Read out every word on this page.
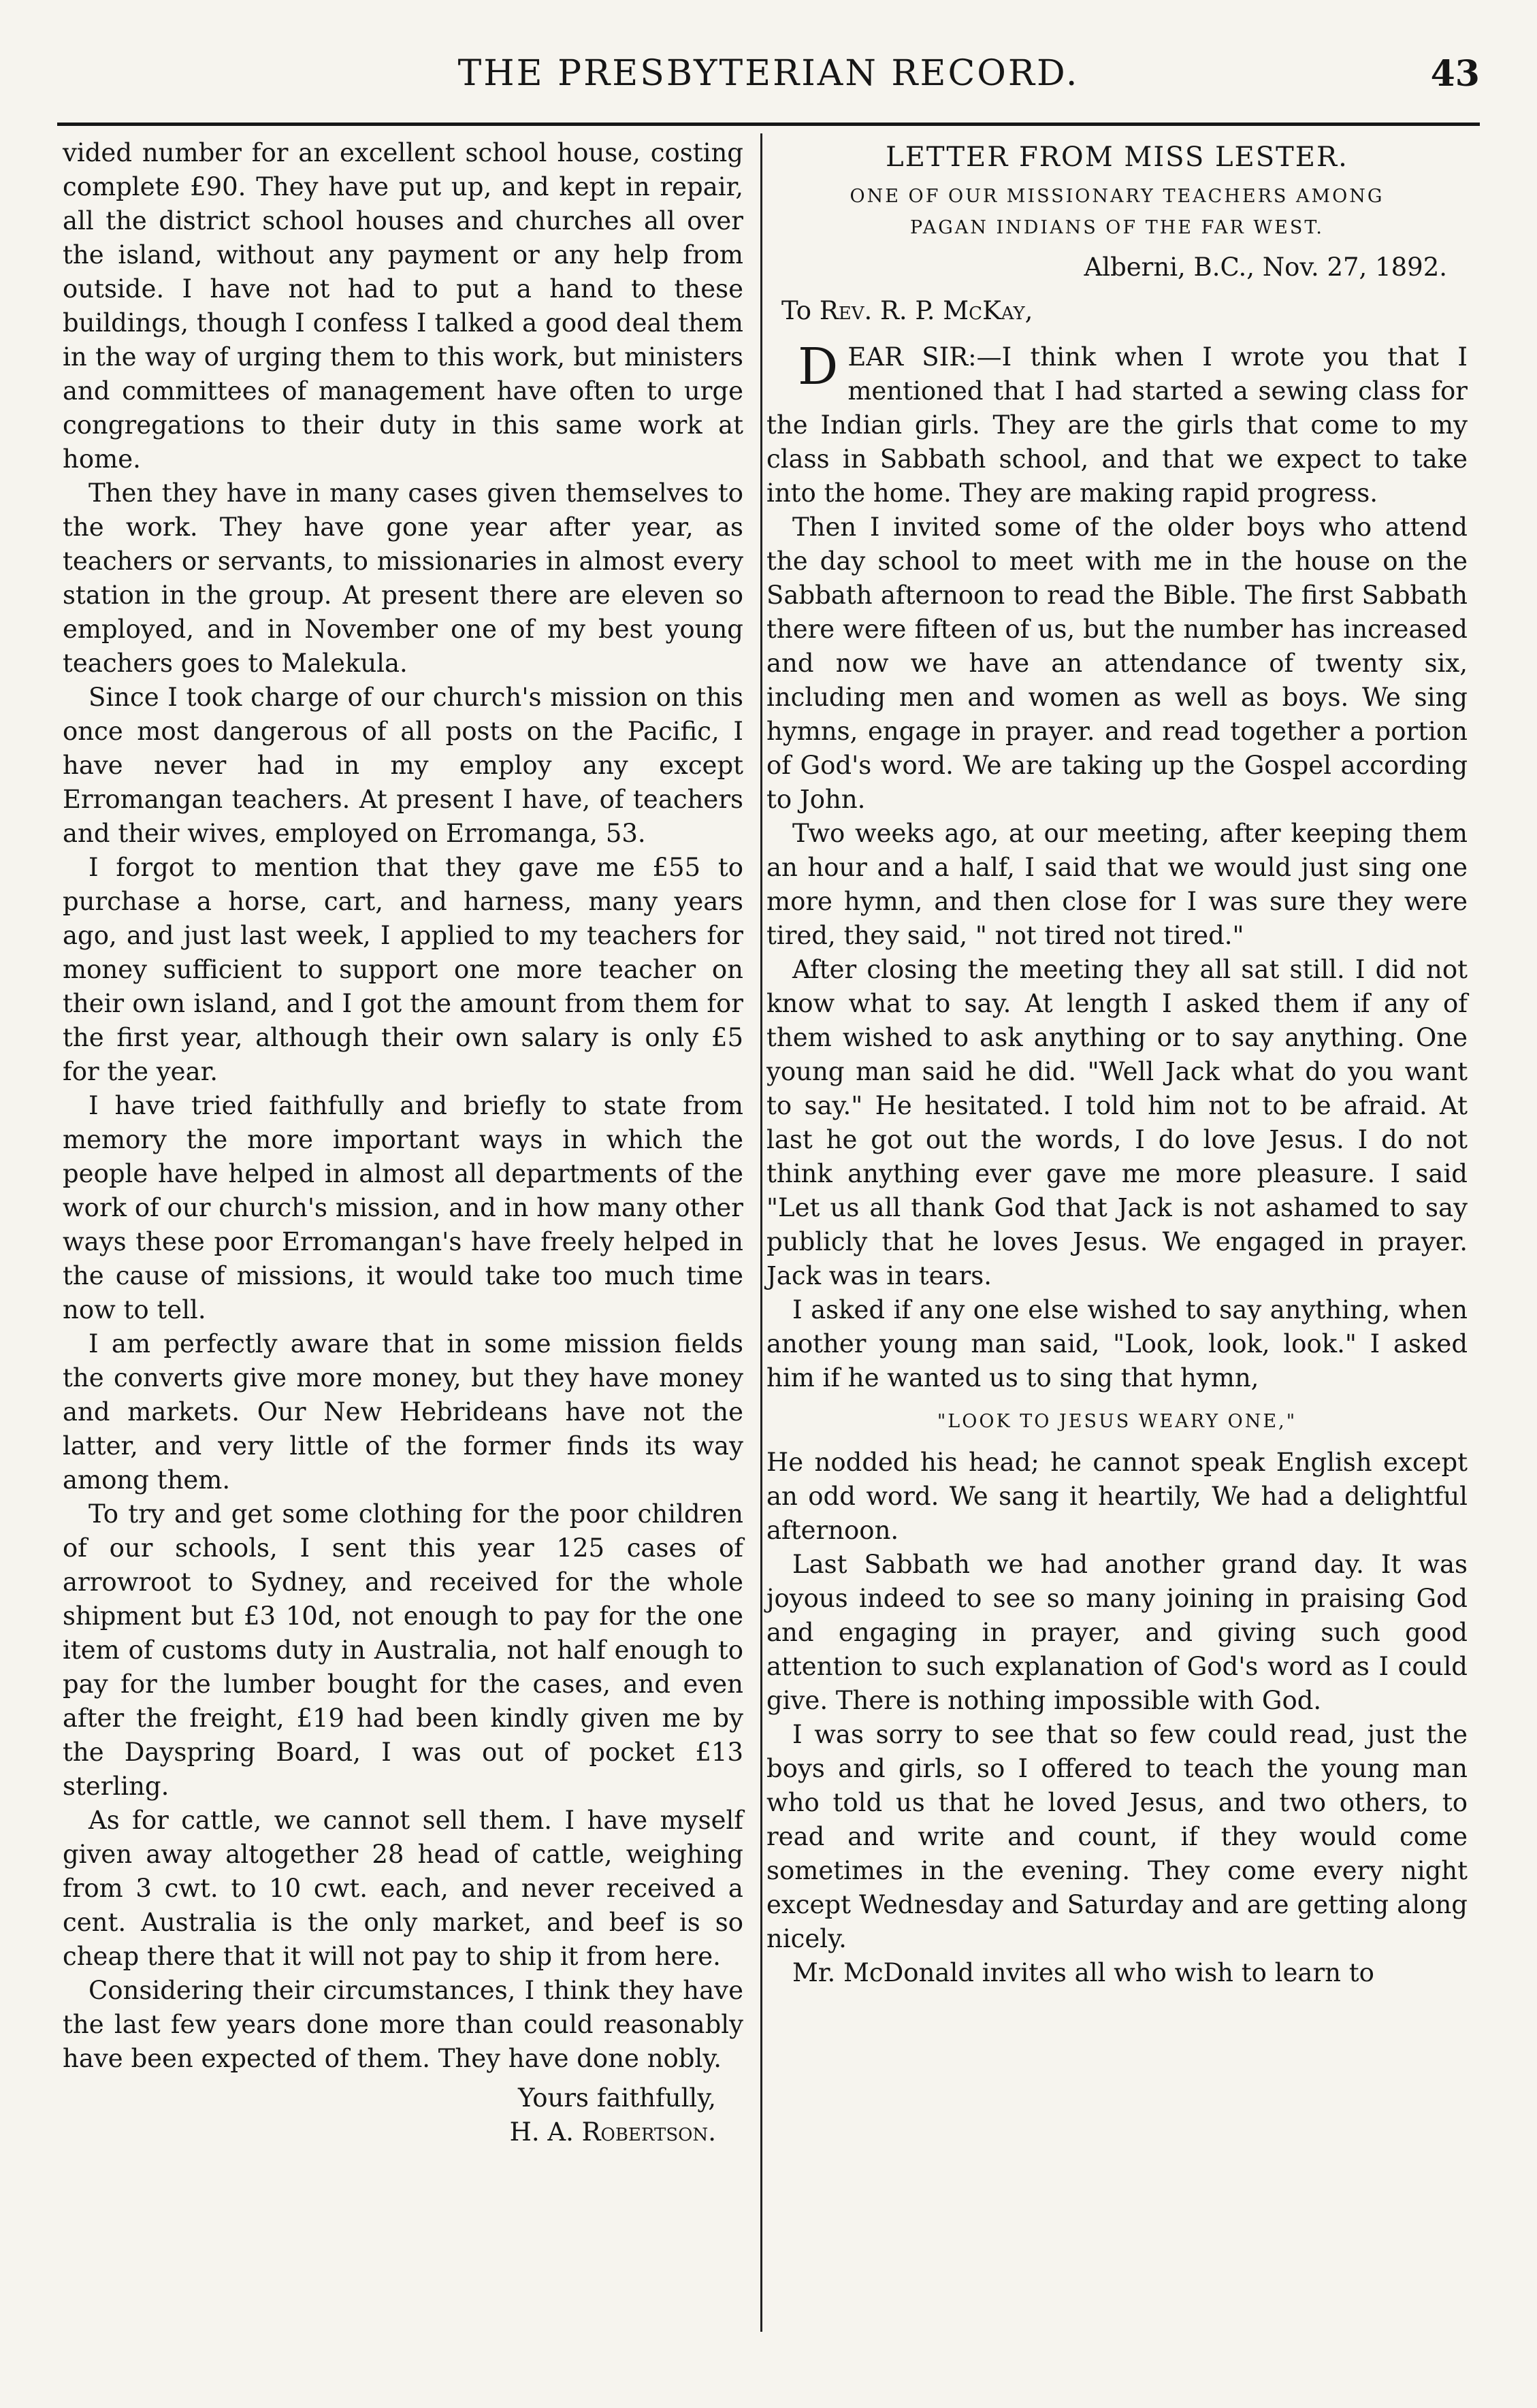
THE PRESBYTERIAN RECORD.	43

vided number for an excellent school house, costing complete £90. They have put up, and kept in repair, all the district school houses and churches all over the island, without any payment or any help from outside. I have not had to put a hand to these buildings, though I confess I talked a good deal them in the way of urging them to this work, but ministers and committees of management have often to urge congregations to their duty in this same work at home.

Then they have in many cases given themselves to the work. They have gone year after year, as teachers or servants, to missionaries in almost every station in the group. At present there are eleven so employed, and in November one of my best young teachers goes to Malekula.

Since I took charge of our church's mission on this once most dangerous of all posts on the Pacific, I have never had in my employ any except Erromangan teachers. At present I have, of teachers and their wives, employed on Erromanga, 53.

I forgot to mention that they gave me £55 to purchase a horse, cart, and harness, many years ago, and just last week, I applied to my teachers for money sufficient to support one more teacher on their own island, and I got the amount from them for the first year, although their own salary is only £5 for the year.

I have tried faithfully and briefly to state from memory the more important ways in which the people have helped in almost all departments of the work of our church's mission, and in how many other ways these poor Erromangan's have freely helped in the cause of missions, it would take too much time now to tell.

I am perfectly aware that in some mission fields the converts give more money, but they have money and markets. Our New Hebrideans have not the latter, and very little of the former finds its way among them.

To try and get some clothing for the poor children of our schools, I sent this year 125 cases of arrowroot to Sydney, and received for the whole shipment but £3 10d, not enough to pay for the one item of customs duty in Australia, not half enough to pay for the lumber bought for the cases, and even after the freight, £19 had been kindly given me by the Dayspring Board, I was out of pocket £13 sterling.

As for cattle, we cannot sell them. I have myself given away altogether 28 head of cattle, weighing from 3 cwt. to 10 cwt. each, and never received a cent. Australia is the only market, and beef is so cheap there that it will not pay to ship it from here.

Considering their circumstances, I think they have the last few years done more than could reasonably have been expected of them. They have done nobly.

Yours faithfully,
H. A. Robertson.
LETTER FROM MISS LESTER.
ONE OF OUR MISSIONARY TEACHERS AMONG
PAGAN INDIANS OF THE FAR WEST.
Alberni, B.C., Nov. 27, 1892.
To Rev. R. P. McKay,

DEAR SIR:—I think when I wrote you that I mentioned that I had started a sewing class for the Indian girls. They are the girls that come to my class in Sabbath school, and that we expect to take into the home. They are making rapid progress.

Then I invited some of the older boys who attend the day school to meet with me in the house on the Sabbath afternoon to read the Bible. The first Sabbath there were fifteen of us, but the number has increased and now we have an attendance of twenty six, including men and women as well as boys. We sing hymns, engage in prayer. and read together a portion of God's word. We are taking up the Gospel according to John.

Two weeks ago, at our meeting, after keeping them an hour and a half, I said that we would just sing one more hymn, and then close for I was sure they were tired, they said, " not tired not tired."

After closing the meeting they all sat still. I did not know what to say. At length I asked them if any of them wished to ask anything or to say anything. One young man said he did. "Well Jack what do you want to say." He hesitated. I told him not to be afraid. At last he got out the words, I do love Jesus. I do not think anything ever gave me more pleasure. I said "Let us all thank God that Jack is not ashamed to say publicly that he loves Jesus. We engaged in prayer. Jack was in tears.

I asked if any one else wished to say anything, when another young man said, "Look, look, look." I asked him if he wanted us to sing that hymn,

"LOOK TO JESUS WEARY ONE,"

He nodded his head; he cannot speak English except an odd word. We sang it heartily, We had a delightful afternoon.

Last Sabbath we had another grand day. It was joyous indeed to see so many joining in praising God and engaging in prayer, and giving such good attention to such explanation of God's word as I could give. There is nothing impossible with God.

I was sorry to see that so few could read, just the boys and girls, so I offered to teach the young man who told us that he loved Jesus, and two others, to read and write and count, if they would come sometimes in the evening. They come every night except Wednesday and Saturday and are getting along nicely.

Mr. McDonald invites all who wish to learn to
